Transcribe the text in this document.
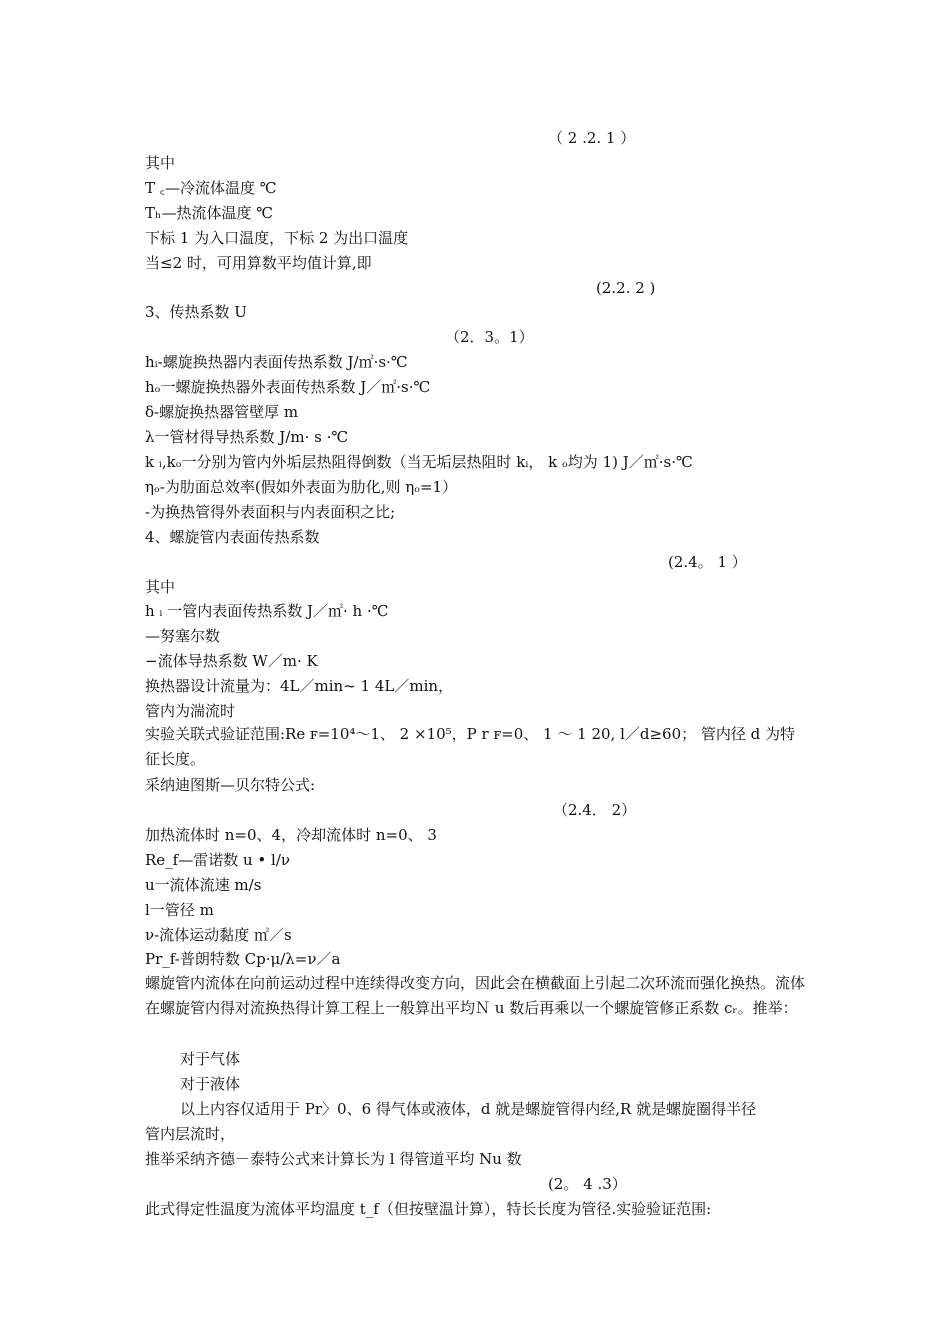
（ 2 .2. 1 ）
其中
T ꜀—冷流体温度 ℃
Tₕ—热流体温度 ℃
下标 1 为入口温度，下标 2 为出口温度
当≤2 时，可用算数平均值计算,即
(2.2. 2 )
3、传热系数 U
（2．3。1）
hᵢ-螺旋换热器内表面传热系数 J/㎡·s·℃
hₒ一螺旋换热器外表面传热系数 J／㎡·s·℃
δ-螺旋换热器管壁厚 m
λ一管材得导热系数 J/m· s ·℃
k ᵢ,kₒ一分别为管内外垢层热阻得倒数（当无垢层热阻时 kᵢ， k ₒ均为 1) J／㎡·s·℃
ηₒ-为肋面总效率(假如外表面为肋化,则 ηₒ=1）
-为换热管得外表面积与内表面积之比;
4、螺旋管内表面传热系数
(2.4。 1 ）
其中
h ᵢ 一管内表面传热系数 J／㎡· h ·℃
—努塞尔数
−流体导热系数 W／m· K
换热器设计流量为：4L／min~ 1 4L／min，
管内为湍流时
实验关联式验证范围:Re ꜰ=10⁴～1、 2 ×10⁵，P r ꜰ=0、 1 ～ 1 20, l／d≥60； 管内径 d 为特征长度。
采纳迪图斯—贝尔特公式:
（2.4． 2）
加热流体时 n=0、4，冷却流体时 n=0、 3
Re_f—雷诺数 u • l/ν
u一流体流速 m/s
l一管径 m
ν-流体运动黏度 ㎡／s
Pr_f-普朗特数 Cp·μ/λ=ν／a
螺旋管内流体在向前运动过程中连续得改变方向，因此会在横截面上引起二次环流而强化换热。流体在螺旋管内得对流换热得计算工程上一般算出平均Ｎ u 数后再乘以一个螺旋管修正系数 cᵣ。推举：
对于气体
对于液体
以上内容仅适用于 Pr〉0、6 得气体或液体，d 就是螺旋管得内经,R 就是螺旋圈得半径
管内层流时，
推举采纳齐德－泰特公式来计算长为 l 得管道平均 Nu 数
(2。 4 .3）
此式得定性温度为流体平均温度 t_f（但按壁温计算），特长长度为管径.实验验证范围:
